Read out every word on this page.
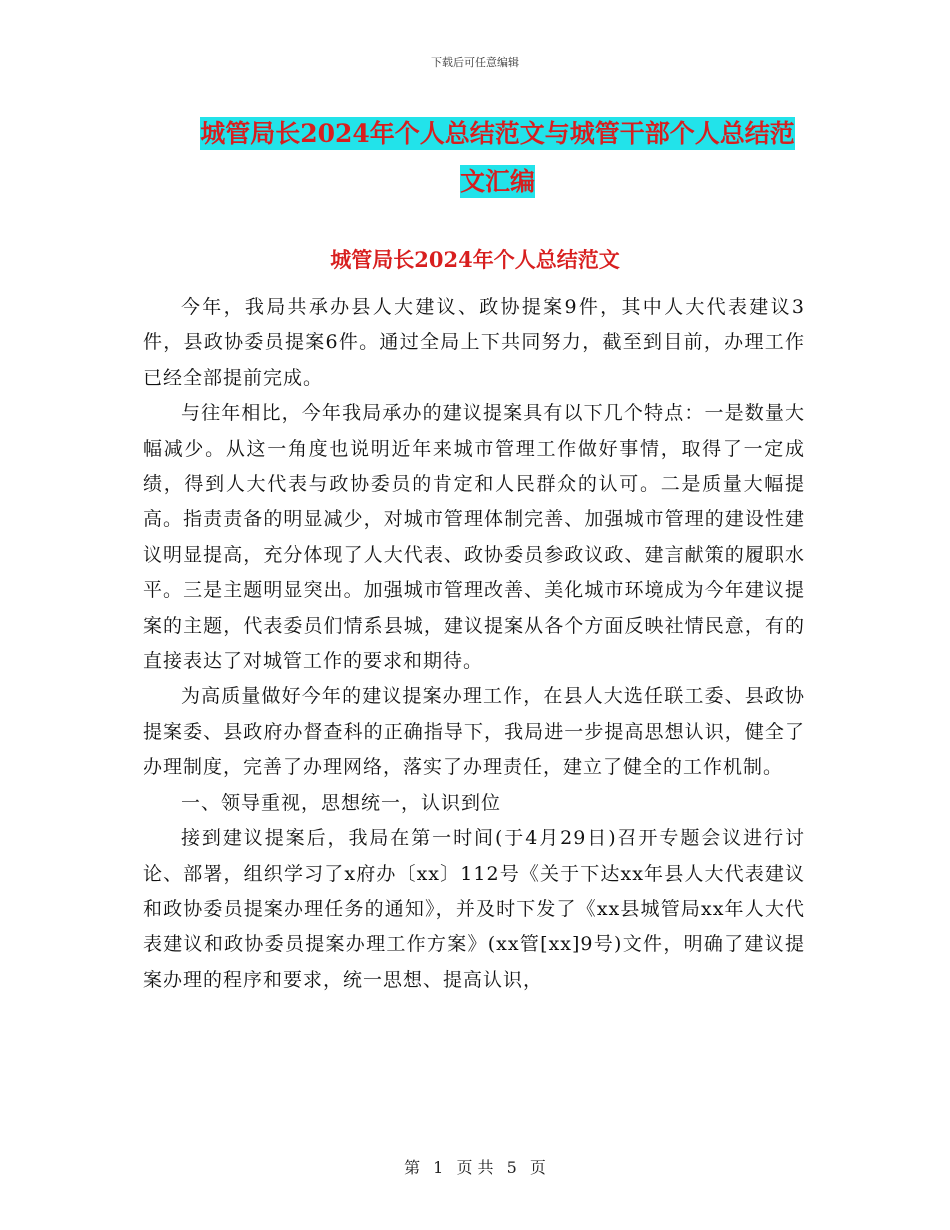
下载后可任意编辑
城管局长2024年个人总结范文与城管干部个人总结范
文汇编
城管局长2024年个人总结范文

今年，我局共承办县人大建议、政协提案9件，其中人大代表建议3件，县政协委员提案6件。通过全局上下共同努力，截至到目前，办理工作已经全部提前完成。

与往年相比，今年我局承办的建议提案具有以下几个特点：一是数量大幅减少。从这一角度也说明近年来城市管理工作做好事情，取得了一定成绩，得到人大代表与政协委员的肯定和人民群众的认可。二是质量大幅提高。指责责备的明显减少，对城市管理体制完善、加强城市管理的建设性建议明显提高，充分体现了人大代表、政协委员参政议政、建言献策的履职水平。三是主题明显突出。加强城市管理改善、美化城市环境成为今年建议提案的主题，代表委员们情系县城，建议提案从各个方面反映社情民意，有的直接表达了对城管工作的要求和期待。

为高质量做好今年的建议提案办理工作，在县人大选任联工委、县政协提案委、县政府办督查科的正确指导下，我局进一步提高思想认识，健全了办理制度，完善了办理网络，落实了办理责任，建立了健全的工作机制。

一、领导重视，思想统一，认识到位

接到建议提案后，我局在第一时间(于4月29日)召开专题会议进行讨论、部署，组织学习了x府办〔xx〕112号《关于下达xx年县人大代表建议和政协委员提案办理任务的通知》，并及时下发了《xx县城管局xx年人大代表建议和政协委员提案办理工作方案》(xx管[xx]9号)文件，明确了建议提案办理的程序和要求，统一思想、提高认识，

第 1 页 共 5 页
